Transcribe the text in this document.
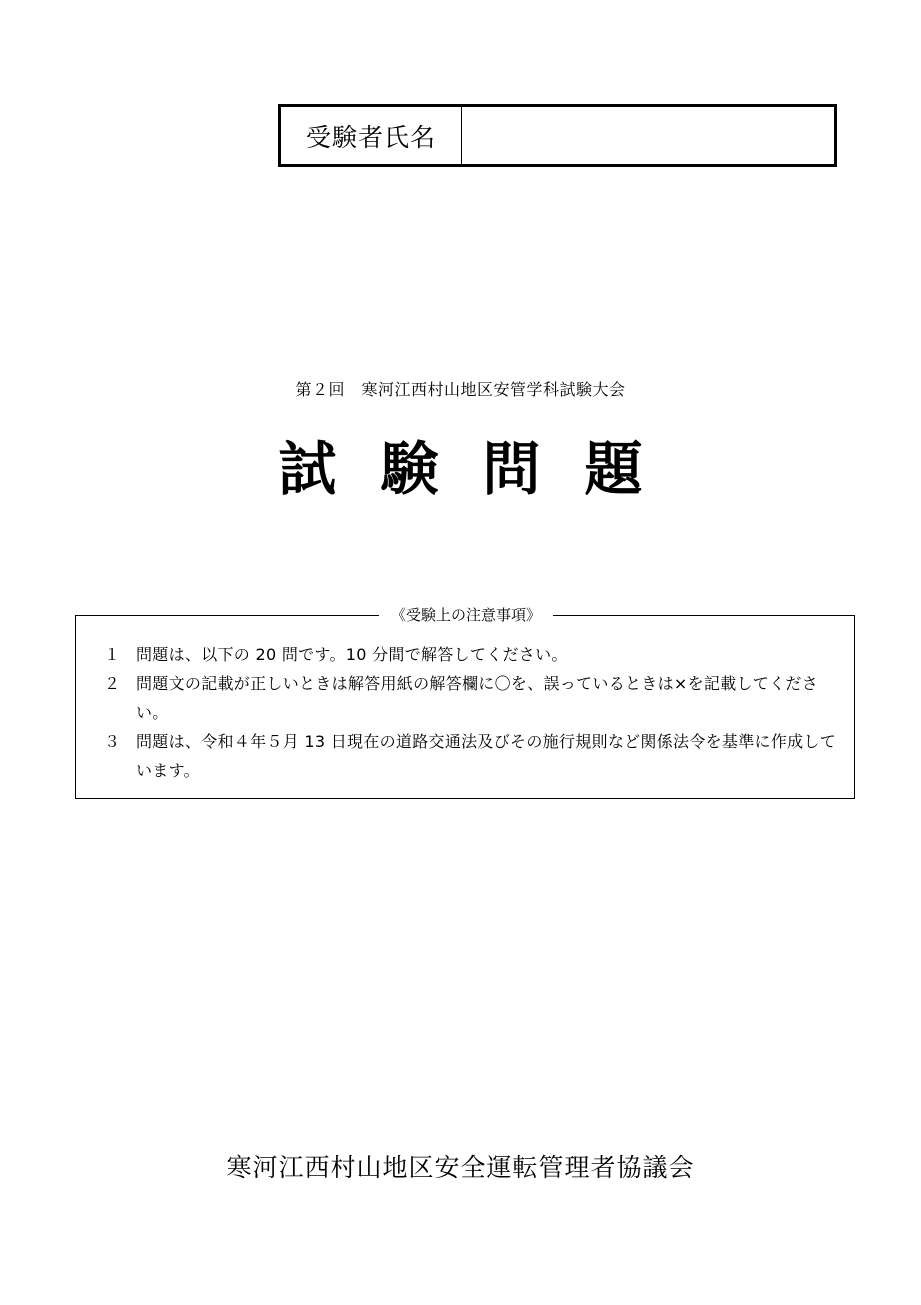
受験者氏名
第２回　寒河江西村山地区安管学科試験大会
試験問題
《受験上の注意事項》
１ 問題は、以下の 20 問です。10 分間で解答してください。
２ 問題文の記載が正しいときは解答用紙の解答欄に〇を、誤っているときは×を記載してください。
３ 問題は、令和４年５月 13 日現在の道路交通法及びその施行規則など関係法令を基準に作成しています。
寒河江西村山地区安全運転管理者協議会
